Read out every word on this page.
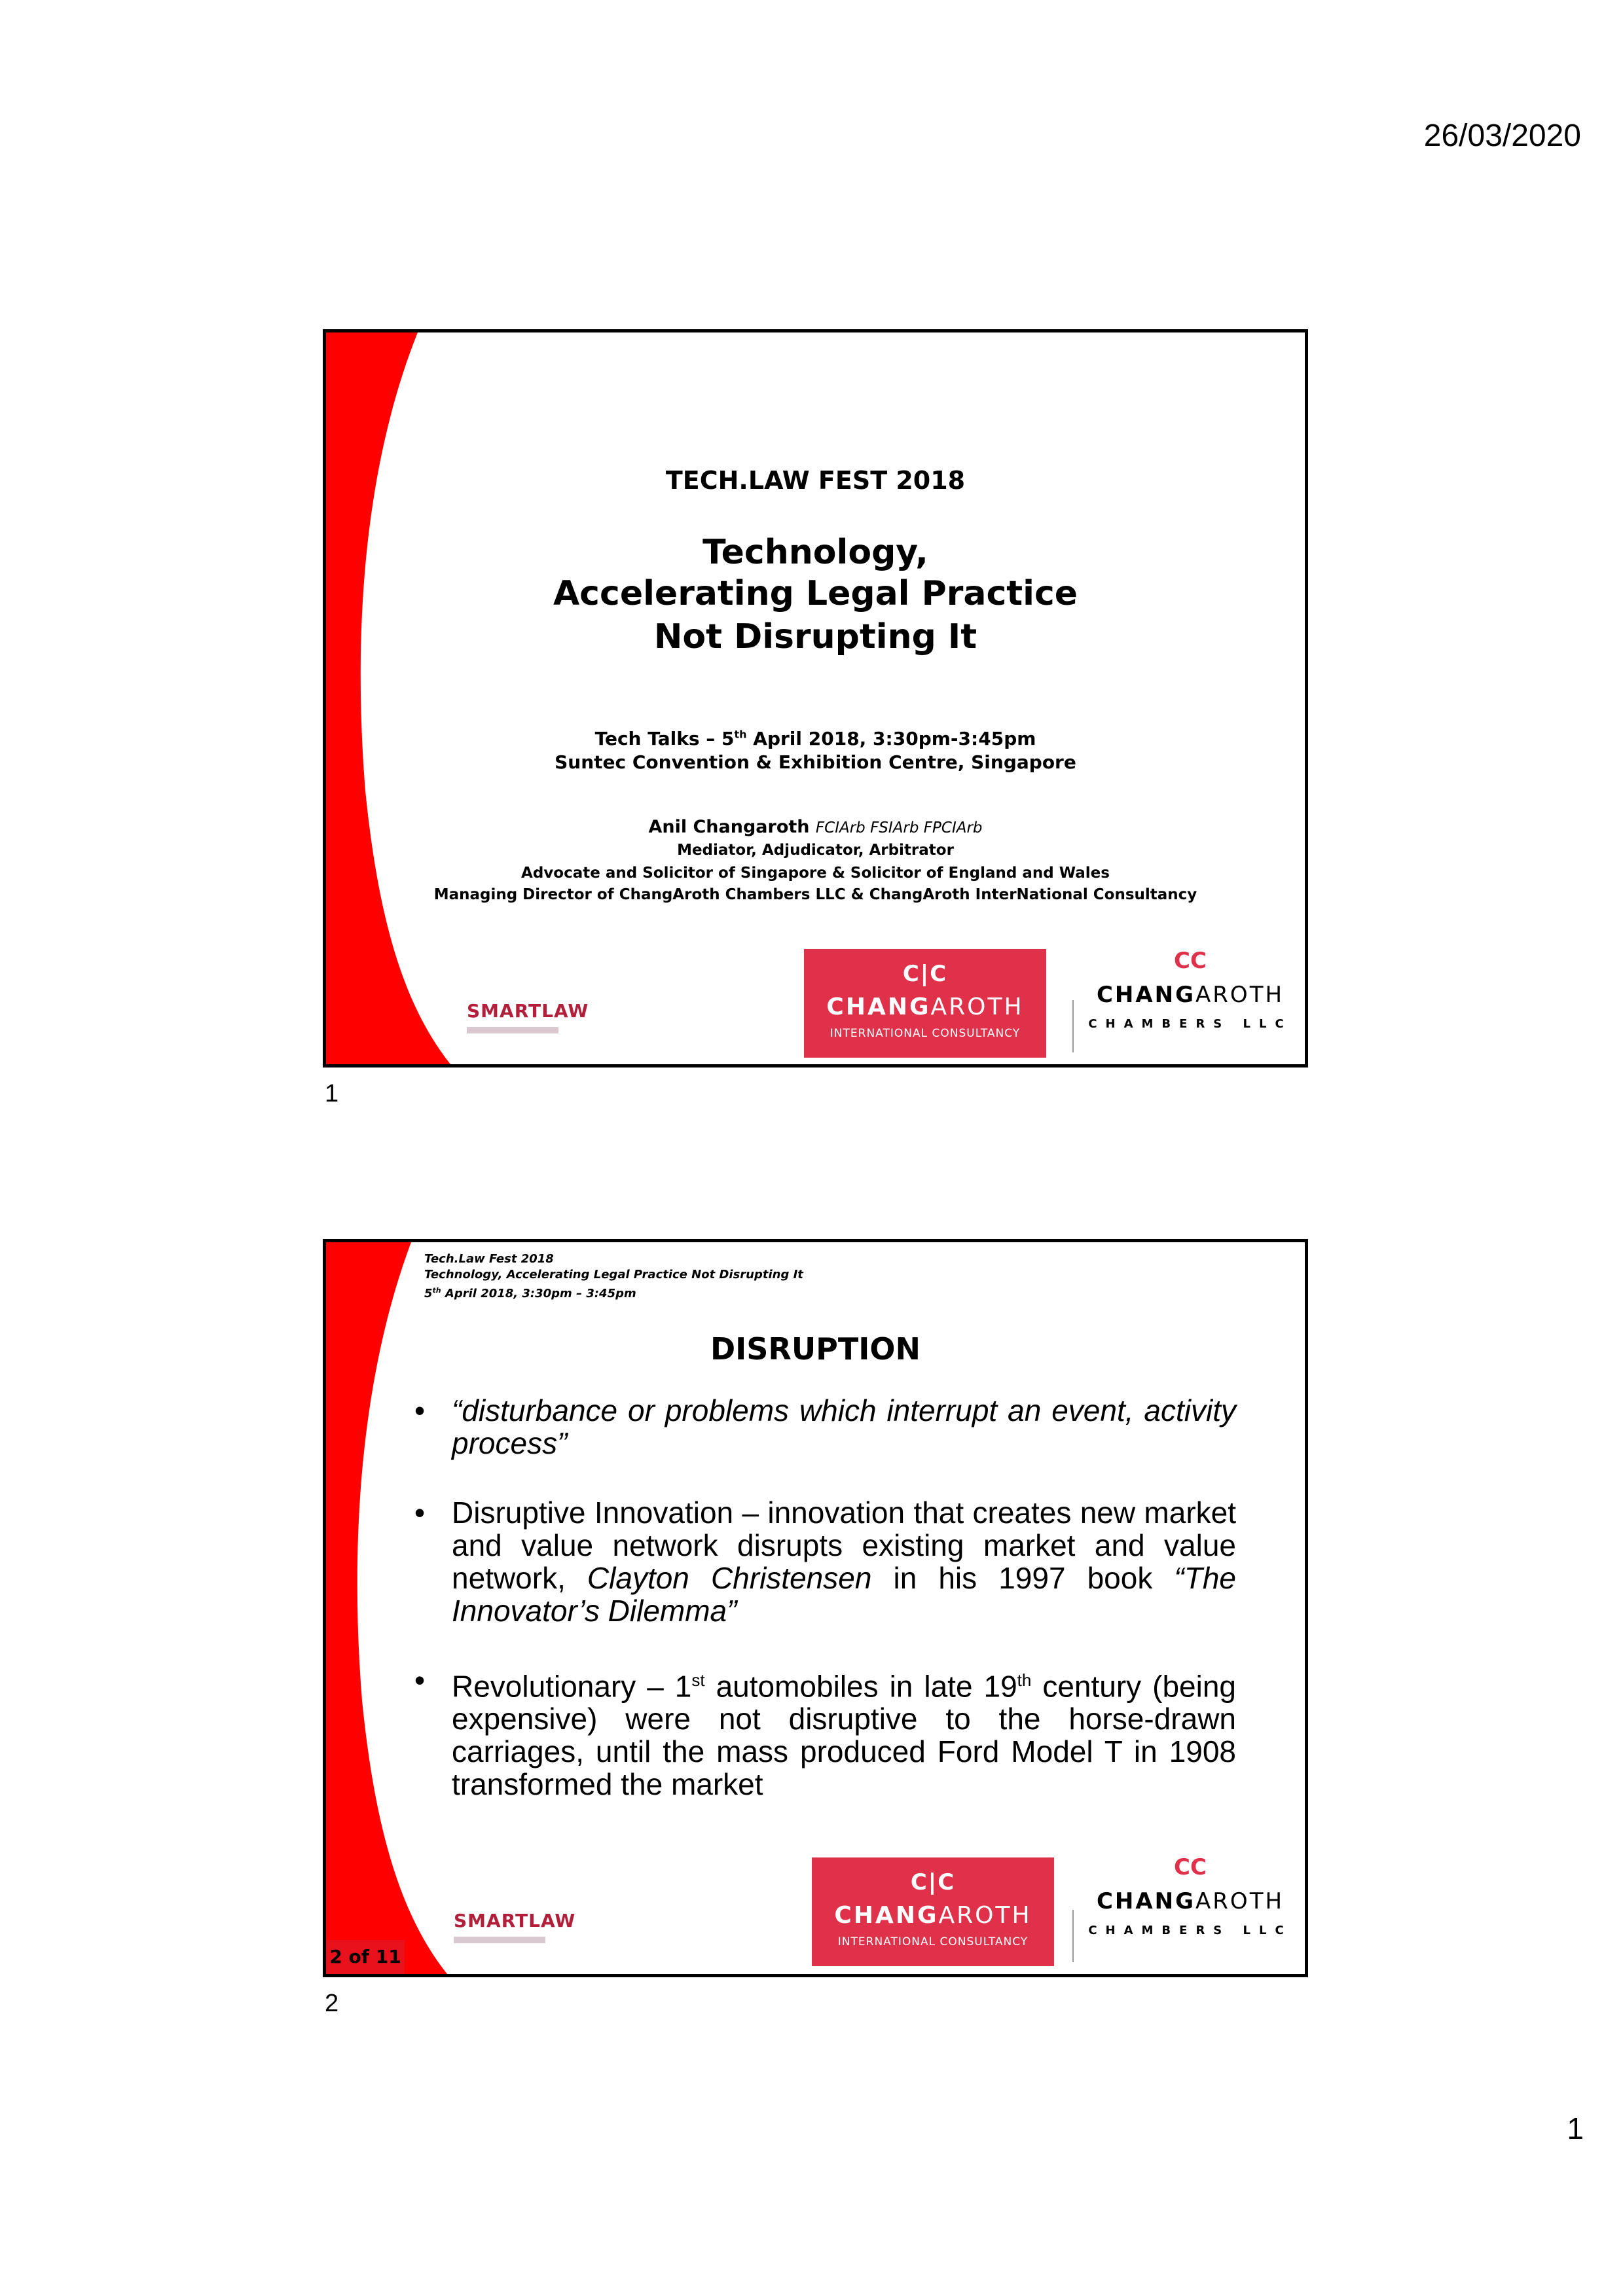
26/03/2020
1
TECH.LAW FEST 2018
Technology,
Accelerating Legal Practice
Not Disrupting It
Tech Talks – 5th April 2018, 3:30pm-3:45pm
Suntec Convention & Exhibition Centre, Singapore
Anil Changaroth FCIArb FSIArb FPCIArb
Mediator, Adjudicator, Arbitrator
Advocate and Solicitor of Singapore & Solicitor of England and Wales
Managing Director of ChangAroth Chambers LLC & ChangAroth InterNational Consultancy
SMARTLAW
C|C
CHANGAROTH
INTERNATIONAL CONSULTANCY
CC
CHANGAROTH
CHAMBERS LLC
1
Tech.Law Fest 2018
Technology, Accelerating Legal Practice Not Disrupting It
5th April 2018, 3:30pm – 3:45pm
DISRUPTION
• “disturbance or problems which interrupt an event, activity process”
• Disruptive Innovation – innovation that creates new market and value network disrupts existing market and value network, Clayton Christensen in his 1997 book “The Innovator’s Dilemma”
• Revolutionary – 1st automobiles in late 19th century (being expensive) were not disruptive to the horse-drawn carriages, until the mass produced Ford Model T in 1908 transformed the market
SMARTLAW
C|C
CHANGAROTH
INTERNATIONAL CONSULTANCY
CC
CHANGAROTH
CHAMBERS LLC
2 of 11
2
